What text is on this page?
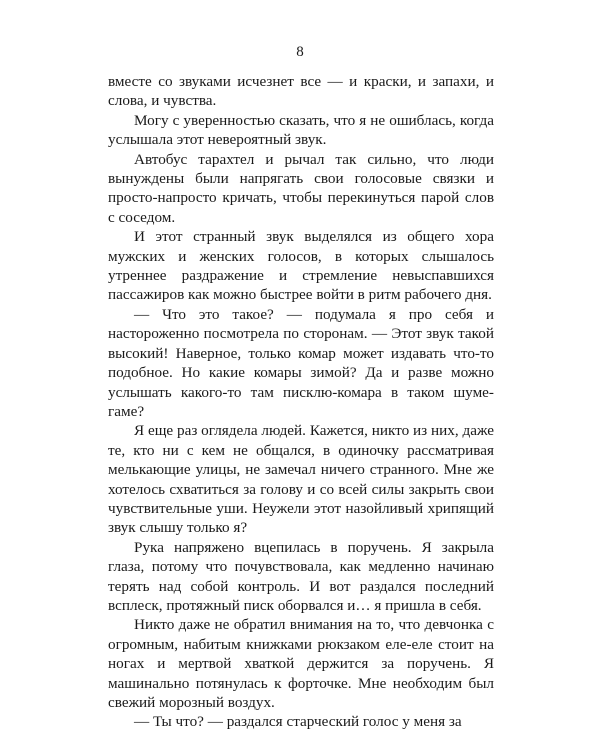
8

вместе со звуками исчезнет все — и краски, и запахи, и слова, и чувства.

Могу с уверенностью сказать, что я не ошиблась, когда услышала этот невероятный звук.

Автобус тарахтел и рычал так сильно, что люди вынуждены были напрягать свои голосовые связки и просто-напросто кричать, чтобы перекинуться парой слов с соседом.

И этот странный звук выделялся из общего хора мужских и женских голосов, в которых слышалось утреннее раздражение и стремление невыспавшихся пассажиров как можно быстрее войти в ритм рабочего дня.

— Что это такое? — подумала я про себя и настороженно посмотрела по сторонам. — Этот звук такой высокий! Наверное, только комар может издавать что-то подобное. Но какие комары зимой? Да и разве можно услышать какого-то там писклю-комара в таком шуме-гаме?

Я еще раз оглядела людей. Кажется, никто из них, даже те, кто ни с кем не общался, в одиночку рассматривая мелькающие улицы, не замечал ничего странного. Мне же хотелось схватиться за голову и со всей силы закрыть свои чувствительные уши. Неужели этот назойливый хрипящий звук слышу только я?

Рука напряжено вцепилась в поручень. Я закрыла глаза, потому что почувствовала, как медленно начинаю терять над собой контроль. И вот раздался последний всплеск, протяжный писк оборвался и… я пришла в себя.

Никто даже не обратил внимания на то, что девчонка с огромным, набитым книжками рюкзаком еле-еле стоит на ногах и мертвой хваткой держится за поручень. Я машинально потянулась к форточке. Мне необходим был свежий морозный воздух.

— Ты что? — раздался старческий голос у меня за
